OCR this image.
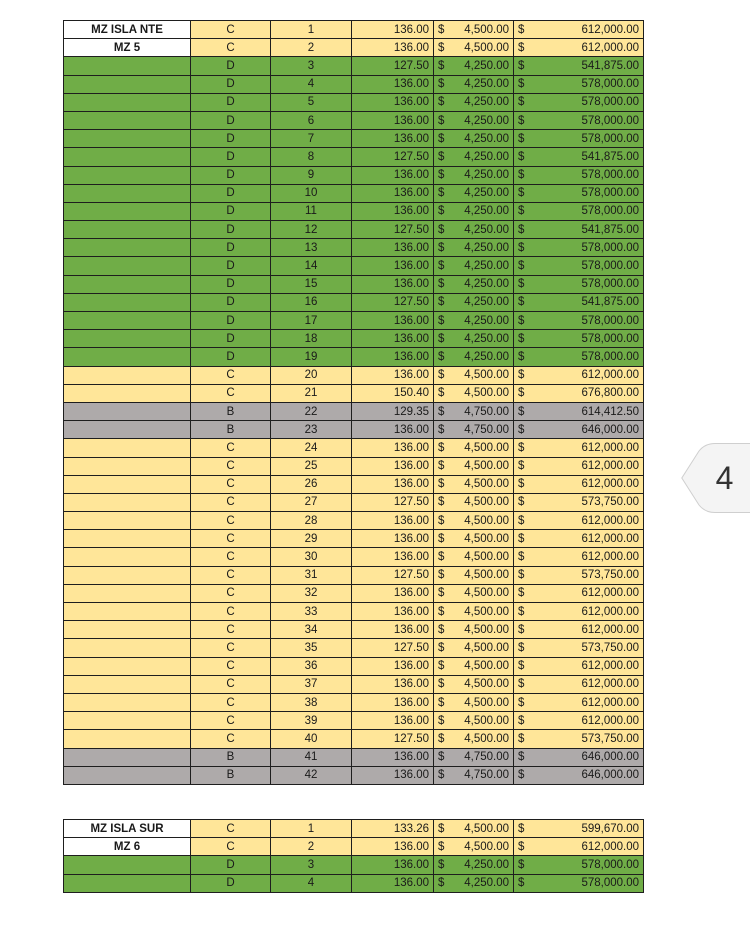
MZ ISLA NTE	C	1	136.00	$ 4,500.00	$ 612,000.00

MZ 5	C	2	136.00	$ 4,500.00	$ 612,000.00

	D	3	127.50	$ 4,250.00	$ 541,875.00

	D	4	136.00	$ 4,250.00	$ 578,000.00

	D	5	136.00	$ 4,250.00	$ 578,000.00

	D	6	136.00	$ 4,250.00	$ 578,000.00

	D	7	136.00	$ 4,250.00	$ 578,000.00

	D	8	127.50	$ 4,250.00	$ 541,875.00

	D	9	136.00	$ 4,250.00	$ 578,000.00

	D	10	136.00	$ 4,250.00	$ 578,000.00

	D	11	136.00	$ 4,250.00	$ 578,000.00

	D	12	127.50	$ 4,250.00	$ 541,875.00

	D	13	136.00	$ 4,250.00	$ 578,000.00

	D	14	136.00	$ 4,250.00	$ 578,000.00

	D	15	136.00	$ 4,250.00	$ 578,000.00

	D	16	127.50	$ 4,250.00	$ 541,875.00

	D	17	136.00	$ 4,250.00	$ 578,000.00

	D	18	136.00	$ 4,250.00	$ 578,000.00

	D	19	136.00	$ 4,250.00	$ 578,000.00

	C	20	136.00	$ 4,500.00	$ 612,000.00

	C	21	150.40	$ 4,500.00	$ 676,800.00

	B	22	129.35	$ 4,750.00	$ 614,412.50

	B	23	136.00	$ 4,750.00	$ 646,000.00

	C	24	136.00	$ 4,500.00	$ 612,000.00

	C	25	136.00	$ 4,500.00	$ 612,000.00

	C	26	136.00	$ 4,500.00	$ 612,000.00

	C	27	127.50	$ 4,500.00	$ 573,750.00

	C	28	136.00	$ 4,500.00	$ 612,000.00

	C	29	136.00	$ 4,500.00	$ 612,000.00

	C	30	136.00	$ 4,500.00	$ 612,000.00

	C	31	127.50	$ 4,500.00	$ 573,750.00

	C	32	136.00	$ 4,500.00	$ 612,000.00

	C	33	136.00	$ 4,500.00	$ 612,000.00

	C	34	136.00	$ 4,500.00	$ 612,000.00

	C	35	127.50	$ 4,500.00	$ 573,750.00

	C	36	136.00	$ 4,500.00	$ 612,000.00

	C	37	136.00	$ 4,500.00	$ 612,000.00

	C	38	136.00	$ 4,500.00	$ 612,000.00

	C	39	136.00	$ 4,500.00	$ 612,000.00

	C	40	127.50	$ 4,500.00	$ 573,750.00

	B	41	136.00	$ 4,750.00	$ 646,000.00

	B	42	136.00	$ 4,750.00	$ 646,000.00
MZ ISLA SUR	C	1	133.26	$ 4,500.00	$ 599,670.00

MZ 6	C	2	136.00	$ 4,500.00	$ 612,000.00

	D	3	136.00	$ 4,250.00	$ 578,000.00

	D	4	136.00	$ 4,250.00	$ 578,000.00
4
